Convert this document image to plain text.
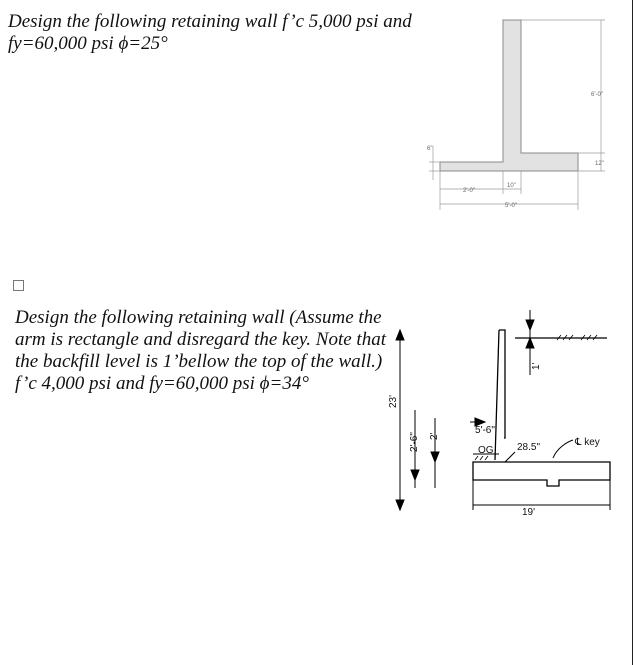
Design the following retaining wall f’c 5,000 psi and
fy=60,000 psi ϕ=25°

6"
6'-0"
12"
2'-0"
10"
5'-0"

Design the following retaining wall (Assume the
arm is rectangle and disregard the key. Note that
the backfill level is 1’bellow the top of the wall.)
f’c 4,000 psi and fy=60,000 psi ϕ=34°

23'
2'-6" 2'
5'-6"
OG
1'
28.5"	℄ key
19'
